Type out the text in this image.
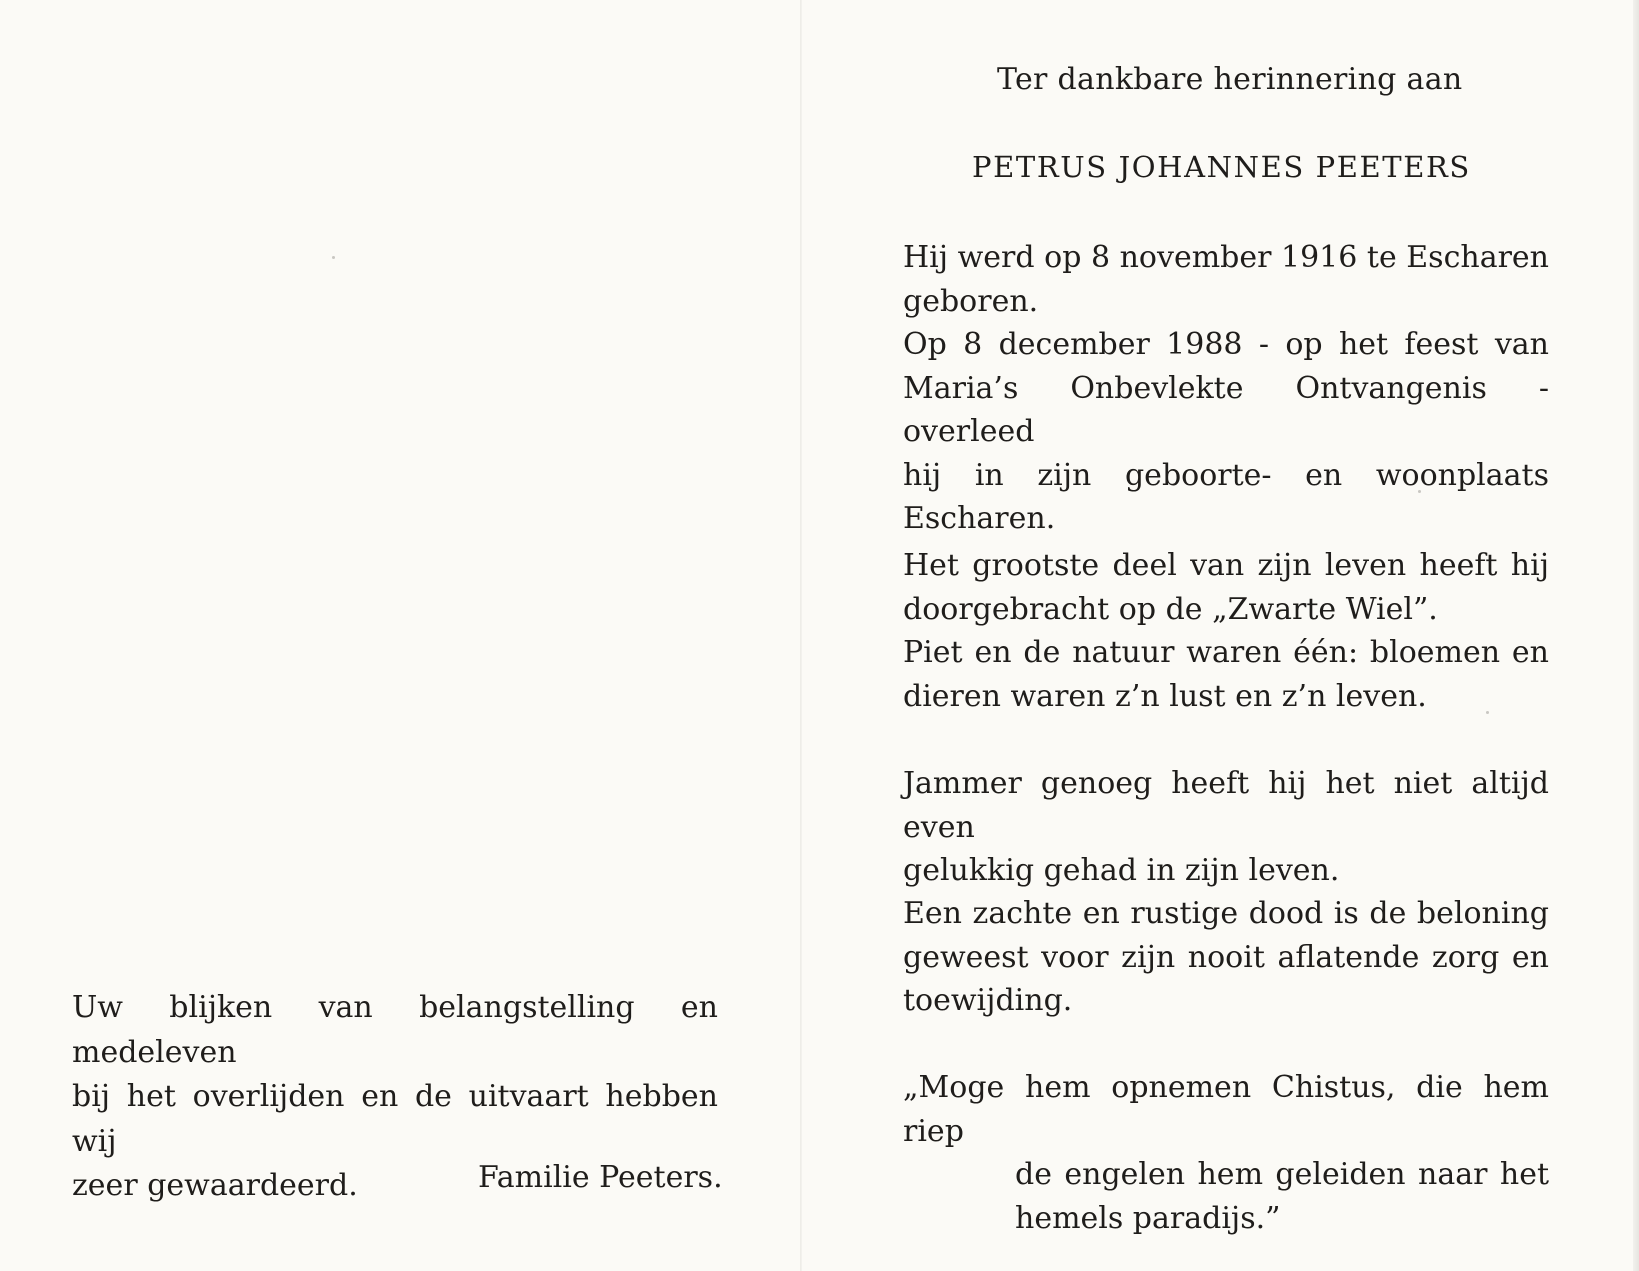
Ter dankbare herinnering aan
PETRUS JOHANNES PEETERS
Hij werd op 8 november 1916 te Escharen
geboren.
Op 8 december 1988 - op het feest van
Maria’s Onbevlekte Ontvangenis - overleed
hij in zijn geboorte- en woonplaats Escharen.
Het grootste deel van zijn leven heeft hij
doorgebracht op de „Zwarte Wiel”.
Piet en de natuur waren één: bloemen en
dieren waren z’n lust en z’n leven.
Jammer genoeg heeft hij het niet altijd even
gelukkig gehad in zijn leven.
Een zachte en rustige dood is de beloning
geweest voor zijn nooit aflatende zorg en
toewijding.
„Moge hem opnemen Chistus, die hem riep
de engelen hem geleiden naar het
hemels paradijs.”
Uw blijken van belangstelling en medeleven
bij het overlijden en de uitvaart hebben wij
zeer gewaardeerd.	Familie Peeters.
